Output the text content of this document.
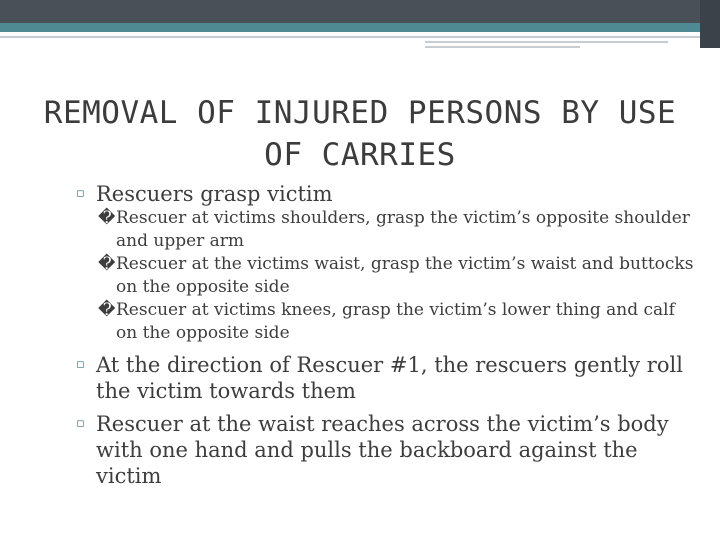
REMOVAL OF INJURED PERSONS BY USE OF CARRIES

▫ Rescuers grasp victim

� Rescuer at victims shoulders, grasp the victim’s opposite shoulder and upper arm

� Rescuer at the victims waist, grasp the victim’s waist and buttocks on the opposite side

� Rescuer at victims knees, grasp the victim’s lower thing and calf on the opposite side

▫ At the direction of Rescuer #1, the rescuers gently roll the victim towards them

▫ Rescuer at the waist reaches across the victim’s body with one hand and pulls the backboard against the victim
